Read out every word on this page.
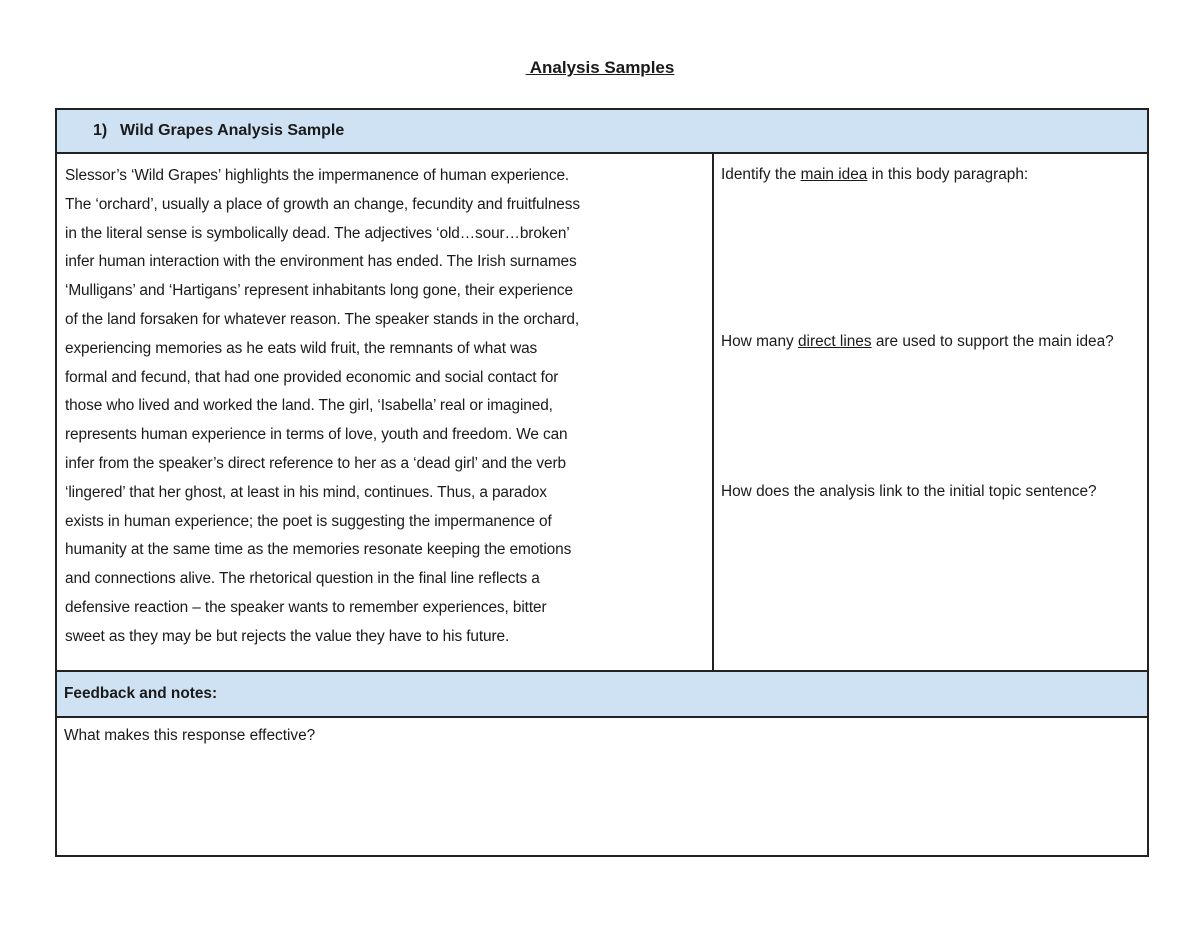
Analysis Samples
1) Wild Grapes Analysis Sample

Slessor’s ‘Wild Grapes’ highlights the impermanence of human experience.
The ‘orchard’, usually a place of growth an change, fecundity and fruitfulness
in the literal sense is symbolically dead. The adjectives ‘old…sour…broken’
infer human interaction with the environment has ended. The Irish surnames
‘Mulligans’ and ‘Hartigans’ represent inhabitants long gone, their experience
of the land forsaken for whatever reason. The speaker stands in the orchard,
experiencing memories as he eats wild fruit, the remnants of what was
formal and fecund, that had one provided economic and social contact for
those who lived and worked the land. The girl, ‘Isabella’ real or imagined,
represents human experience in terms of love, youth and freedom. We can
infer from the speaker’s direct reference to her as a ‘dead girl’ and the verb
‘lingered’ that her ghost, at least in his mind, continues. Thus, a paradox
exists in human experience; the poet is suggesting the impermanence of
humanity at the same time as the memories resonate keeping the emotions
and connections alive. The rhetorical question in the final line reflects a
defensive reaction – the speaker wants to remember experiences, bitter
sweet as they may be but rejects the value they have to his future.

Identify the main idea in this body paragraph:

How many direct lines are used to support the main idea?

How does the analysis link to the initial topic sentence?

Feedback and notes:

What makes this response effective?
